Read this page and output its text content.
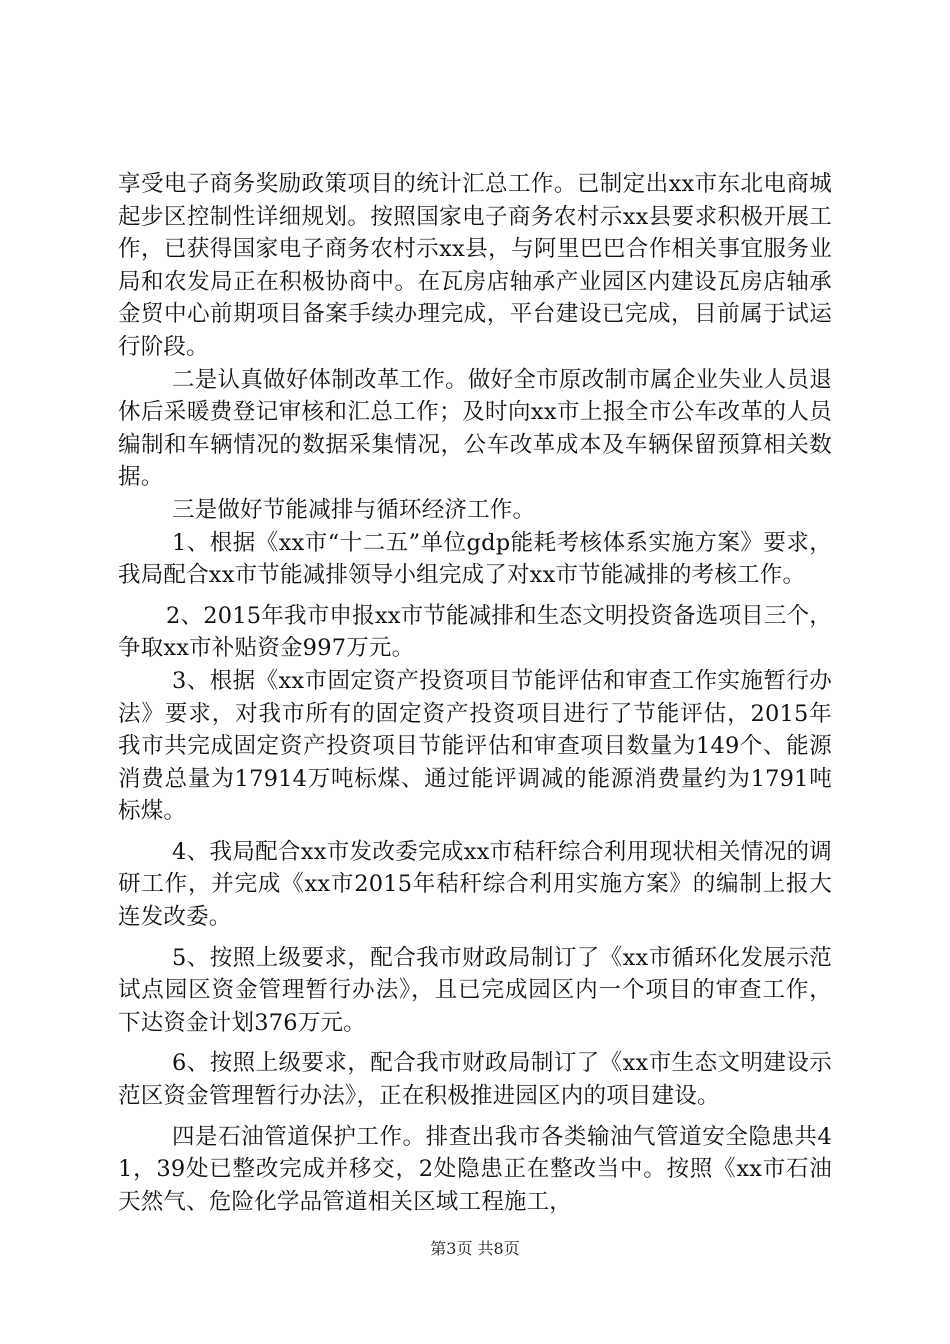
享受电子商务奖励政策项目的统计汇总工作。已制定出xx市东北电商城起步区控制性详细规划。按照国家电子商务农村示xx县要求积极开展工作，已获得国家电子商务农村示xx县，与阿里巴巴合作相关事宜服务业局和农发局正在积极协商中。在瓦房店轴承产业园区内建设瓦房店轴承金贸中心前期项目备案手续办理完成，平台建设已完成，目前属于试运行阶段。

二是认真做好体制改革工作。做好全市原改制市属企业失业人员退休后采暖费登记审核和汇总工作；及时向xx市上报全市公车改革的人员编制和车辆情况的数据采集情况，公车改革成本及车辆保留预算相关数据。

三是做好节能减排与循环经济工作。

1、根据《xx市“十二五”单位gdp能耗考核体系实施方案》要求，我局配合xx市节能减排领导小组完成了对xx市节能减排的考核工作。

2、2015年我市申报xx市节能减排和生态文明投资备选项目三个，争取xx市补贴资金997万元。

3、根据《xx市固定资产投资项目节能评估和审查工作实施暂行办法》要求，对我市所有的固定资产投资项目进行了节能评估，2015年我市共完成固定资产投资项目节能评估和审查项目数量为149个、能源消费总量为17914万吨标煤、通过能评调减的能源消费量约为1791吨标煤。

4、我局配合xx市发改委完成xx市秸秆综合利用现状相关情况的调研工作，并完成《xx市2015年秸秆综合利用实施方案》的编制上报大连发改委。

5、按照上级要求，配合我市财政局制订了《xx市循环化发展示范试点园区资金管理暂行办法》，且已完成园区内一个项目的审查工作，下达资金计划376万元。

6、按照上级要求，配合我市财政局制订了《xx市生态文明建设示范区资金管理暂行办法》，正在积极推进园区内的项目建设。

四是石油管道保护工作。排查出我市各类输油气管道安全隐患共41，39处已整改完成并移交，2处隐患正在整改当中。按照《xx市石油天然气、危险化学品管道相关区域工程施工，

第3页 共8页
